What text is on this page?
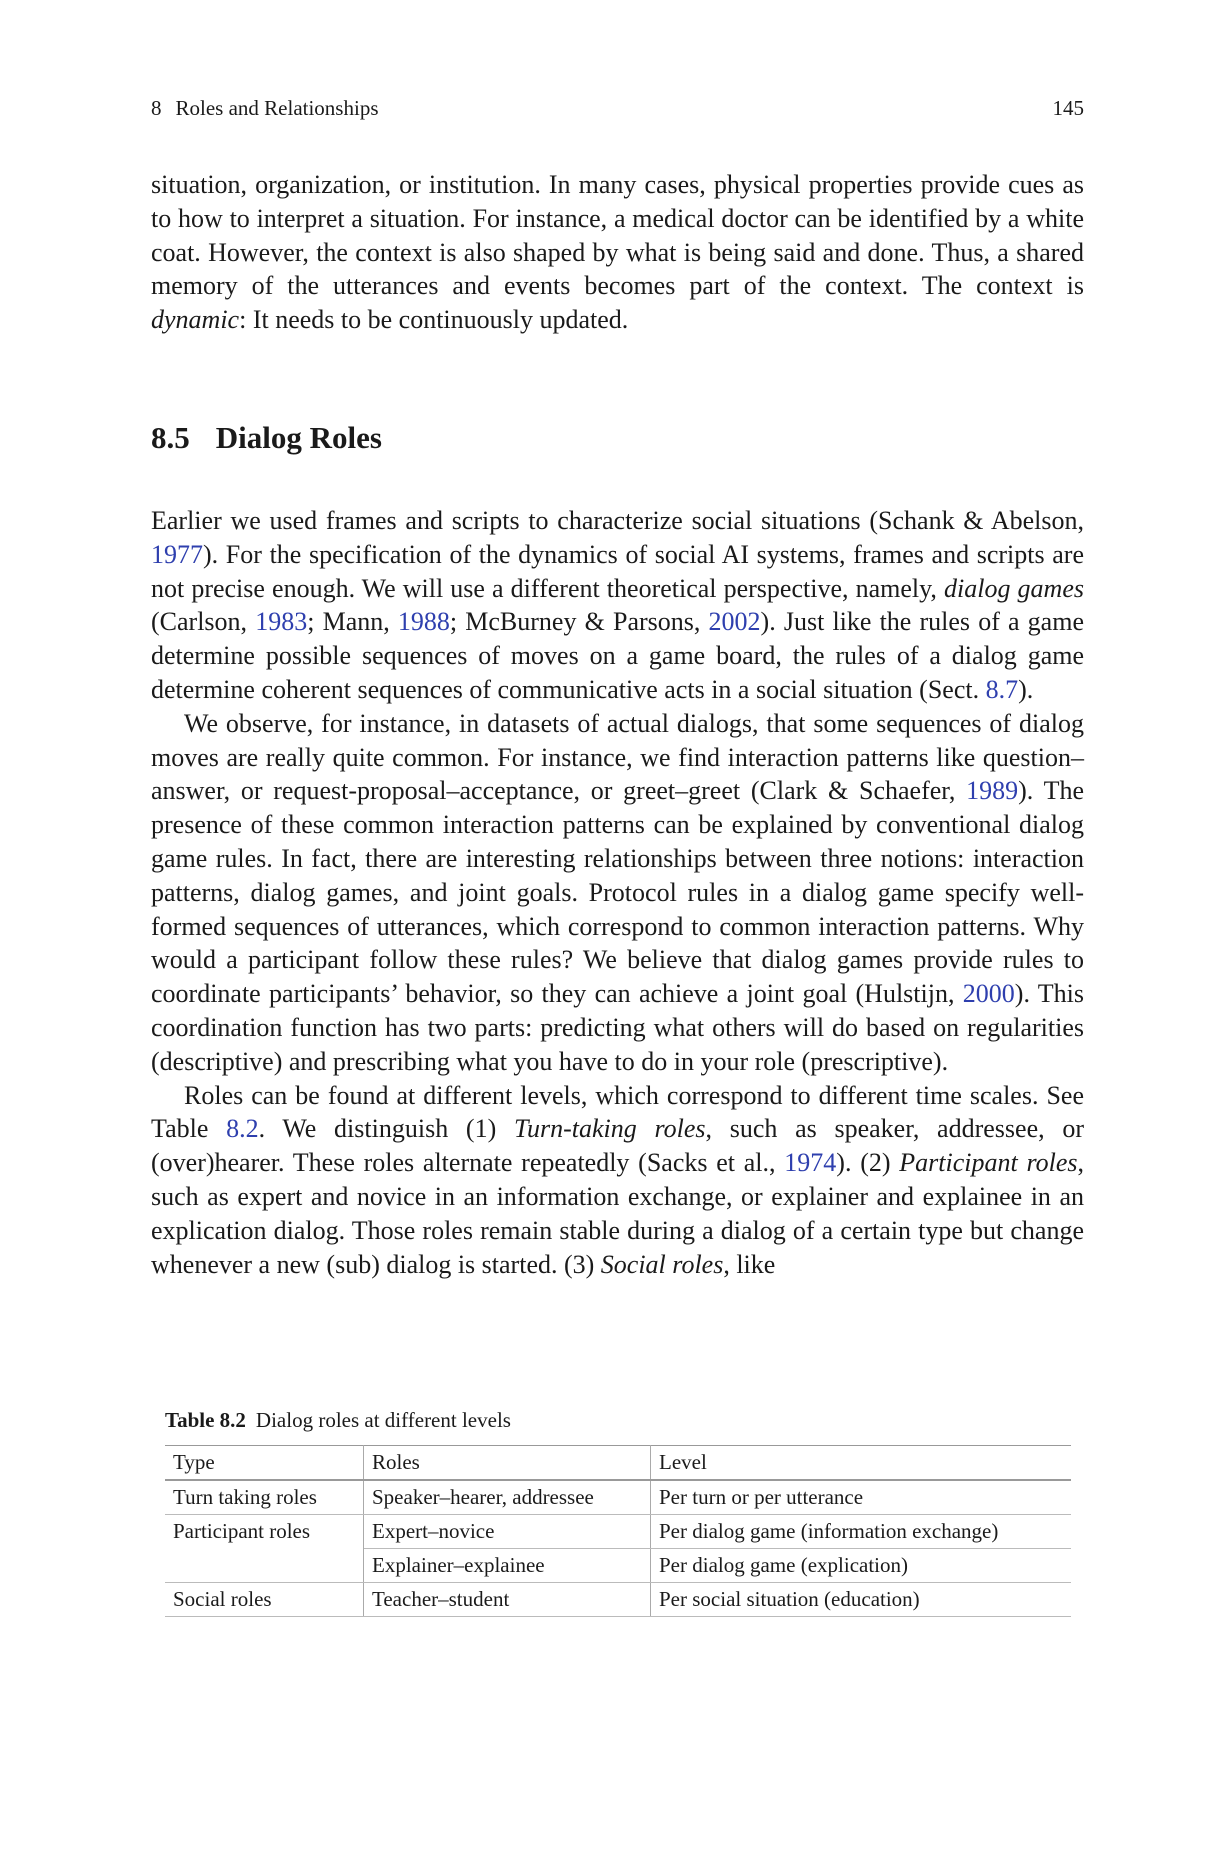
8 Roles and Relationships	145

situation, organization, or institution. In many cases, physical properties provide cues as to how to interpret a situation. For instance, a medical doctor can be identified by a white coat. However, the context is also shaped by what is being said and done. Thus, a shared memory of the utterances and events becomes part of the context. The context is dynamic: It needs to be continuously updated.

8.5 Dialog Roles

Earlier we used frames and scripts to characterize social situations (Schank & Abelson, 1977). For the specification of the dynamics of social AI systems, frames and scripts are not precise enough. We will use a different theoretical perspective, namely, dialog games (Carlson, 1983; Mann, 1988; McBurney & Parsons, 2002). Just like the rules of a game determine possible sequences of moves on a game board, the rules of a dialog game determine coherent sequences of communicative acts in a social situation (Sect. 8.7).

We observe, for instance, in datasets of actual dialogs, that some sequences of dialog moves are really quite common. For instance, we find interaction patterns like question–answer, or request-proposal–acceptance, or greet–greet (Clark & Schaefer, 1989). The presence of these common interaction patterns can be explained by conventional dialog game rules. In fact, there are interesting relationships between three notions: interaction patterns, dialog games, and joint goals. Protocol rules in a dialog game specify well-formed sequences of utterances, which correspond to common interaction patterns. Why would a participant follow these rules? We believe that dialog games provide rules to coordinate participants’ behavior, so they can achieve a joint goal (Hulstijn, 2000). This coordination function has two parts: predicting what others will do based on regularities (descriptive) and prescribing what you have to do in your role (prescriptive).

Roles can be found at different levels, which correspond to different time scales. See Table 8.2. We distinguish (1) Turn-taking roles, such as speaker, addressee, or (over)hearer. These roles alternate repeatedly (Sacks et al., 1974). (2) Participant roles, such as expert and novice in an information exchange, or explainer and explainee in an explication dialog. Those roles remain stable during a dialog of a certain type but change whenever a new (sub) dialog is started. (3) Social roles, like

Table 8.2 Dialog roles at different levels

Type	Roles	Level
Turn taking roles	Speaker–hearer, addressee	Per turn or per utterance
Participant roles	Expert–novice	Per dialog game (information exchange)
	Explainer–explainee	Per dialog game (explication)
Social roles	Teacher–student	Per social situation (education)
